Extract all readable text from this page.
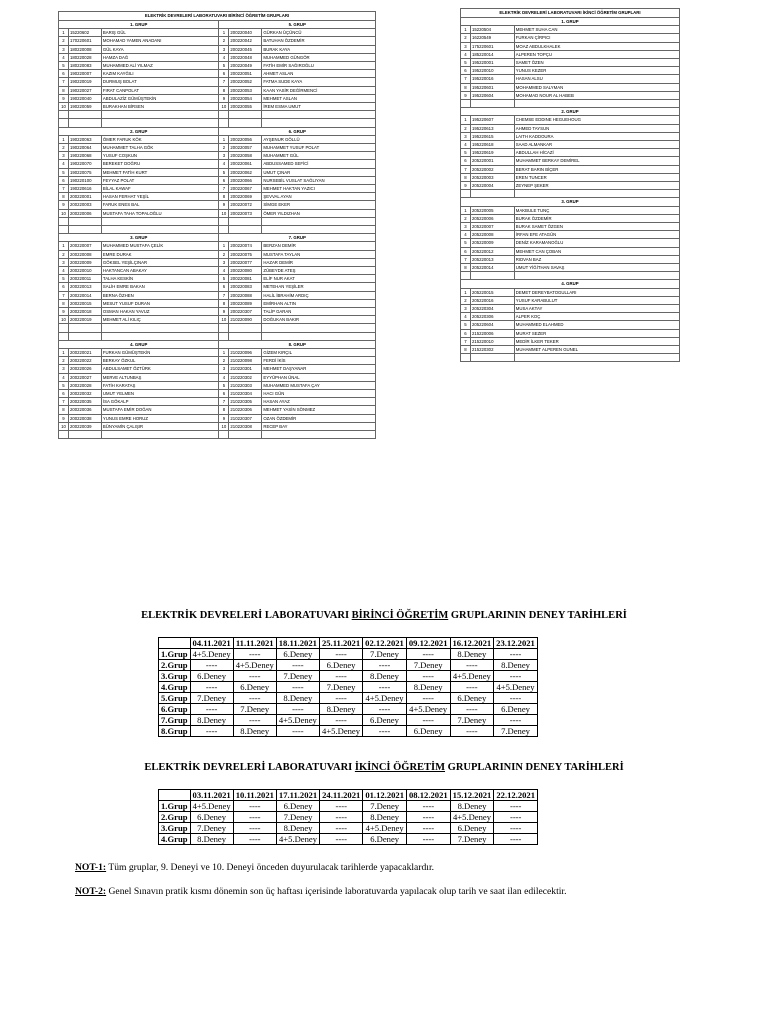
ELEKTRİK DEVRELERİ LABORATUVARI BİRİNCİ ÖĞRETİM GRUPLARI					
1. GRUP			5. GRUP		
1	15220602	BARIŞ GÜL	1	200220040	GÜRKAN ÜÇÜNCÜ
2	170220601	MOHAMAD YAMEN ANADANI	2	200220042	BATUHAN ÖZDEMİR
3	180220008	GÜL KAYA	3	200220045	BURAK KAYA
4	180220028	HAMZA DAĞ	4	200220048	MUHAMMED GÜNGÖR
5	180220083	MUHAMMED ALİ YILMAZ	5	200220049	FATİH EMİR SAĞIROĞLU
6	190220007	KAZIM KAYĞILI	6	200220051	AHMET ASLAN
7	190220019	DURMUŞ BOLAT	7	200220052	FATMA SUDE KAYA
8	190220027	FIRAT CANPOLAT	8	200220053	KAAN YASİR DEĞİRMENCİ
9	190220040	ABDULAZİZ GÜMÜŞTEKİN	9	200220054	MEHMET ASLAN
10	190220059	BURAKHAN BİRSEN	10	200220055	İREM ESMA UMUT

2. GRUP			6. GRUP		
1	190220063	ÖMER FARUK KÖK	1	200220056	AYŞENUR GÖLLÜ
2	190220064	MUHAMMET TALHA GÖK	2	200220057	MUHAMMET YUSUF POLAT
3	190220068	YUSUF COŞKUN	3	200220058	MUHAMMET GÜL
4	190220070	BEREKET DOĞRU	4	200220061	ABDUSSAMED SEFİCİ
5	190220075	MEHMET FATİH KURT	5	200220062	UMUT ÇINAR
6	190220100	FEYYAZ POLAT	6	200220066	NURSEBİL VUSLAT SAĞLIYAN
7	190220616	BİLAL KAWAF	7	200220067	MEHMET HAKTAN YAZICI
8	200220001	HASAN FERHAT YEŞİL	8	200220069	ŞEVVAL AYAN
9	200220003	FARUK ENES BAL	9	200220072	SİMGE EKER
10	200220006	MUSTAFA TAHA TOPALOĞLU	10	200220073	ÖMER YILDIZHAN

3. GRUP			7. GRUP		
1	200220007	MUHAMMED MUSTAFA ÇELİK	1	200220074	BERZAN DEMİR
2	200220008	EMRE DURAK	2	200220075	MUSTAFA TAYLAN
3	200220009	GÖKSEL YEŞİLÇINAR	3	200220077	HAZAR DEMİR
4	200220010	HAKTANCAN ABAKAY	4	200220080	ZÜBEYDE ATEŞ
5	200220011	TALHA KESKİN	5	200220081	ELİF NUR AKAT
6	200220013	SALİH EMRE BAKAN	6	200220083	METEHAN YEŞİLER
7	200220014	BERNA ÖZHEN	7	200220088	HALİL İBRAHİM ARDIÇ
8	200220015	MESUT YUSUF DURAN	8	200220089	EMİRHAN ALTIN
9	200220018	OSMAN HAKAN YAVUZ	9	200220307	TALİP GARAN
10	200220019	MEHMET ALİ KILIÇ	10	210220090	DOĞUKAN BAKIR

4. GRUP			8. GRUP		
1	200220021	FURKAN GÜMÜŞTEKİN	1	210220096	GİZEM KIRÇIL
2	200220022	BERKAY ÖZKUL	2	210220098	FERDİ İKİS
3	200220026	ABDULSAMET ÖZTÜRK	3	210220301	MEHMET DAŞYANAR
4	200220027	MERVE ALTUNBAŞ	4	210220302	EYYÜPHAN ÜNAL
5	200220028	FATİH KARATAŞ	5	210220303	MUHAMMED MUSTAFA ÇAY
6	200220032	UMUT YELMEN	6	210220304	HACI GÜN
7	200220035	İSA GÖKALP	7	210220305	HASAN AYAZ
8	200220036	MUSTAFA EMİR DOĞAN	8	210220306	MEHMET YASİN SÖNMEZ
9	200220038	YUNUS EMRE HORUZ	9	210220307	OZAN ÖZDEMİR
10	200220039	BÜNYAMİN ÇALIŞIR	10	210220308	RECEP BAY

ELEKTRİK DEVRELERİ LABORATUVARI İKİNCİ ÖĞRETİM GRUPLARI		
1. GRUP		
1	15220504	MEHMET SUHA CAN
2	16220549	FURKAN ÇİRPICI
3	175220601	MOAZ ABDULKHALEK
4	185220014	ALPEREN TOPÇU
5	195220001	SAMET ÖZEN
6	195220010	YUNUS KEZER
7	195220016	HASAN ALSU
8	195220601	MOHAMMED SALYMAN
9	195220604	MOHAMAD NOUR AL HABEB

2. GRUP		
1	195220607	CHEMSE EDDINE HEGUEHOUG
2	195220613	AHMED TAYSUN
3	195220615	LAITH KADDOURA
4	195220618	SAAD ALMANKAR
5	195220619	ABDULLAH HİCAZİ
6	205220001	MUHAMMET BERKAY DEMİREL
7	205220002	BERAT BARIN BİÇER
8	205220003	EREN TUNCER
9	205220004	ZEYNEP ŞEKER

3. GRUP		
1	205220005	MAKBULE TUNÇ
2	205220006	BURAK ÖZDEMİR
3	205220007	BURAK SAMET ÖZGEN
4	205220008	İRFAN EFE ATAGÜN
5	205220009	DENİZ KARAMANOĞLU
6	205220012	MEHMET CAN ÇOBAN
7	205220013	RIDVAN BAZ
8	205220014	UMUT YİĞİTHAN SAVAŞ

4. GRUP		
1	205220015	DEMET DEREYBATOGULLARI
2	205220016	YUSUF KARABULUT
3	205220304	MUSA AKTAY
4	205220306	ALPER KOÇ
5	205220604	MUHAMMED ELAHMED
6	215220006	MURAT SEZER
7	215220010	MEDİR İLKER TEKER
8	215220302	MUHAMMET ALPEREN GUNEL

ELEKTRİK DEVRELERİ LABORATUVARI BİRİNCİ ÖĞRETİM GRUPLARININ DENEY TARİHLERİ
	04.11.2021	11.11.2021	18.11.2021	25.11.2021	02.12.2021	09.12.2021	16.12.2021	23.12.2021
1.Grup	4+5.Deney	----	6.Deney	----	7.Deney	----	8.Deney	----
2.Grup	----	4+5.Deney	----	6.Deney	----	7.Deney	----	8.Deney
3.Grup	6.Deney	----	7.Deney	----	8.Deney	----	4+5.Deney	----
4.Grup	----	6.Deney	----	7.Deney	----	8.Deney	----	4+5.Deney
5.Grup	7.Deney	----	8.Deney	----	4+5.Deney	----	6.Deney	----
6.Grup	----	7.Deney	----	8.Deney	----	4+5.Deney	----	6.Deney
7.Grup	8.Deney	----	4+5.Deney	----	6.Deney	----	7.Deney	----
8.Grup	----	8.Deney	----	4+5.Deney	----	6.Deney	----	7.Deney
ELEKTRİK DEVRELERİ LABORATUVARI İKİNCİ ÖĞRETİM GRUPLARININ DENEY TARİHLERİ
	03.11.2021	10.11.2021	17.11.2021	24.11.2021	01.12.2021	08.12.2021	15.12.2021	22.12.2021
1.Grup	4+5.Deney	----	6.Deney	----	7.Deney	----	8.Deney	----
2.Grup	6.Deney	----	7.Deney	----	8.Deney	----	4+5.Deney	----
3.Grup	7.Deney	----	8.Deney	----	4+5.Deney	----	6.Deney	----
4.Grup	8.Deney	----	4+5.Deney	----	6.Deney	----	7.Deney	----
NOT-1: Tüm gruplar, 9. Deneyi ve 10. Deneyi önceden duyurulacak tarihlerde yapacaklardır.
NOT-2: Genel Sınavın pratik kısmı dönemin son üç haftası içerisinde laboratuvarda yapılacak olup tarih ve saat ilan edilecektir.
